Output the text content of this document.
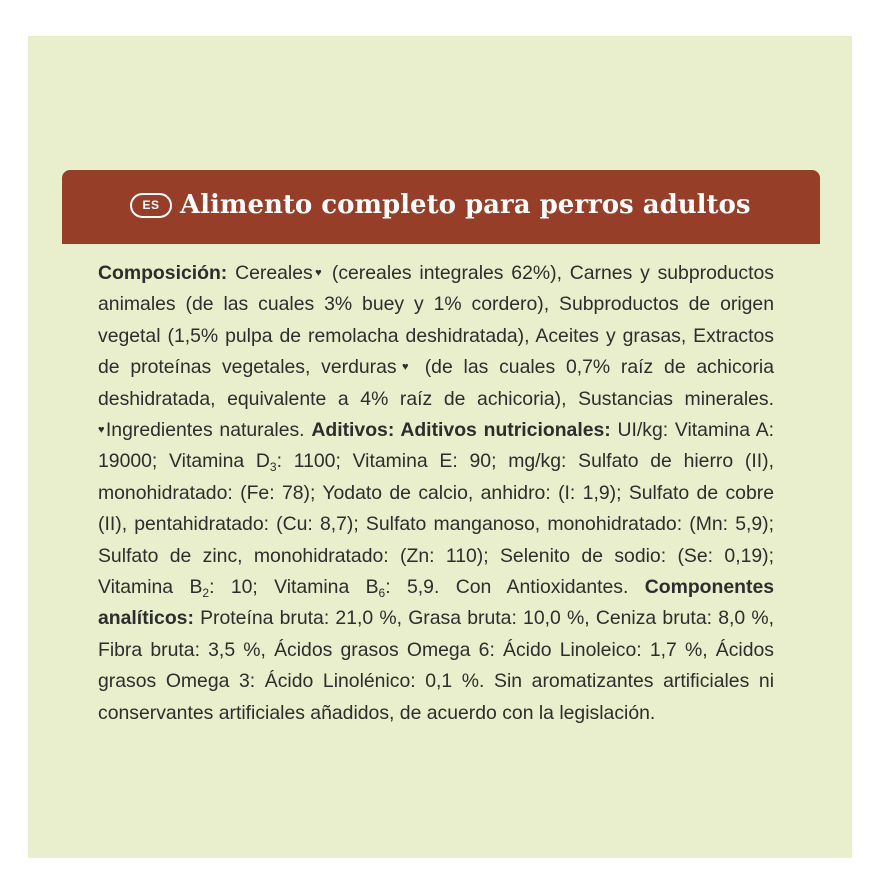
ES Alimento completo para perros adultos
Composición: Cereales♥ (cereales integrales 62%), Carnes y subproductos animales (de las cuales 3% buey y 1% cordero), Subproductos de origen vegetal (1,5% pulpa de remolacha deshidratada), Aceites y grasas, Extractos de proteínas vegetales, verduras♥ (de las cuales 0,7% raíz de achicoria deshidratada, equivalente a 4% raíz de achicoria), Sustancias minerales. ♥Ingredientes naturales. Aditivos: Aditivos nutricionales: UI/kg: Vitamina A: 19000; Vitamina $D_3$: 1100; Vitamina E: 90; mg/kg: Sulfato de hierro (II), monohidratado: (Fe: 78); Yodato de calcio, anhidro: (I: 1,9); Sulfato de cobre (II), pentahidratado: (Cu: 8,7); Sulfato manganoso, monohidratado: (Mn: 5,9); Sulfato de zinc, monohidratado: (Zn: 110); Selenito de sodio: (Se: 0,19); Vitamina $B_2$: 10; Vitamina $B_6$: 5,9. Con Antioxidantes. Componentes analíticos: Proteína bruta: 21,0 %, Grasa bruta: 10,0 %, Ceniza bruta: 8,0 %, Fibra bruta: 3,5 %, Ácidos grasos Omega 6: Ácido Linoleico: 1,7 %, Ácidos grasos Omega 3: Ácido Linolénico: 0,1 %. Sin aromatizantes artificiales ni conservantes artificiales añadidos, de acuerdo con la legislación.
